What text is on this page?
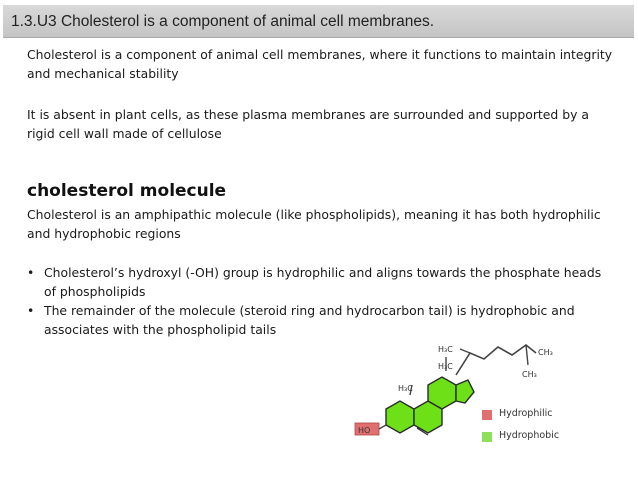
1.3.U3 Cholesterol is a component of animal cell membranes.
Cholesterol is a component of animal cell membranes, where it functions to maintain integrity and mechanical stability
It is absent in plant cells, as these plasma membranes are surrounded and supported by a rigid cell wall made of cellulose
cholesterol molecule
Cholesterol is an amphipathic molecule (like phospholipids), meaning it has both hydrophilic and hydrophobic regions
• Cholesterol’s hydroxyl (-OH) group is hydrophilic and aligns towards the phosphate heads of phospholipids
• The remainder of the molecule (steroid ring and hydrocarbon tail) is hydrophobic and associates with the phospholipid tails
HO
H₃C
H₃C
H₃C
CH₃
CH₃
Hydrophilic
Hydrophobic
